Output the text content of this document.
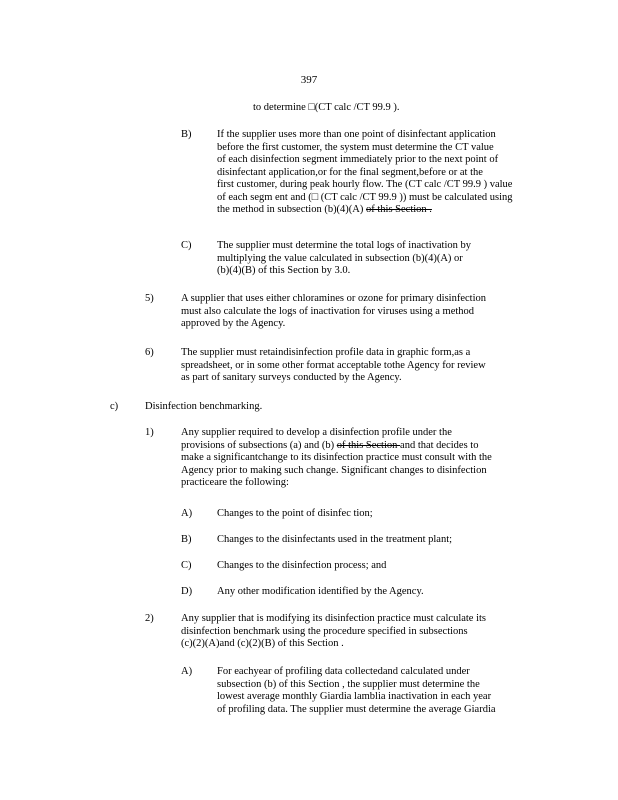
397
to determine □(CT calc /CT 99.9 ).
B) If the supplier uses more than one point of disinfectant application
before the first customer, the system must determine the CT value
of each disinfection segment immediately prior to the next point of
disinfectant application,or for the final segment,before or at the
first customer, during peak hourly flow. The (CT calc /CT 99.9 ) value
of each segm ent and (□ (CT calc /CT 99.9 )) must be calculated using
the method in subsection (b)(4)(A) of this Section .
C) The supplier must determine the total logs of inactivation by
multiplying the value calculated in subsection (b)(4)(A) or
(b)(4)(B) of this Section by 3.0.
5)	A supplier that uses either chloramines or ozone for primary disinfection
must also calculate the logs of inactivation for viruses using a method
approved by the Agency.
6)	The supplier must retaindisinfection profile data in graphic form,as a
spreadsheet, or in some other format acceptable tothe Agency for review
as part of sanitary surveys conducted by the Agency.
c)	Disinfection benchmarking.
1)	Any supplier required to develop a disinfection profile under the
provisions of subsections (a) and (b) of this Section and that decides to
make a significantchange to its disinfection practice must consult with the
Agency prior to making such change. Significant changes to disinfection
practiceare the following:
A) Changes to the point of disinfec tion;
B) Changes to the disinfectants used in the treatment plant;
C) Changes to the disinfection process; and
D) Any other modification identified by the Agency.
2)	Any supplier that is modifying its disinfection practice must calculate its
disinfection benchmark using the procedure specified in subsections
(c)(2)(A)and (c)(2)(B) of this Section .
A) For eachyear of profiling data collectedand calculated under
subsection (b) of this Section , the supplier must determine the
lowest average monthly Giardia lamblia inactivation in each year
of profiling data. The supplier must determine the average Giardia
